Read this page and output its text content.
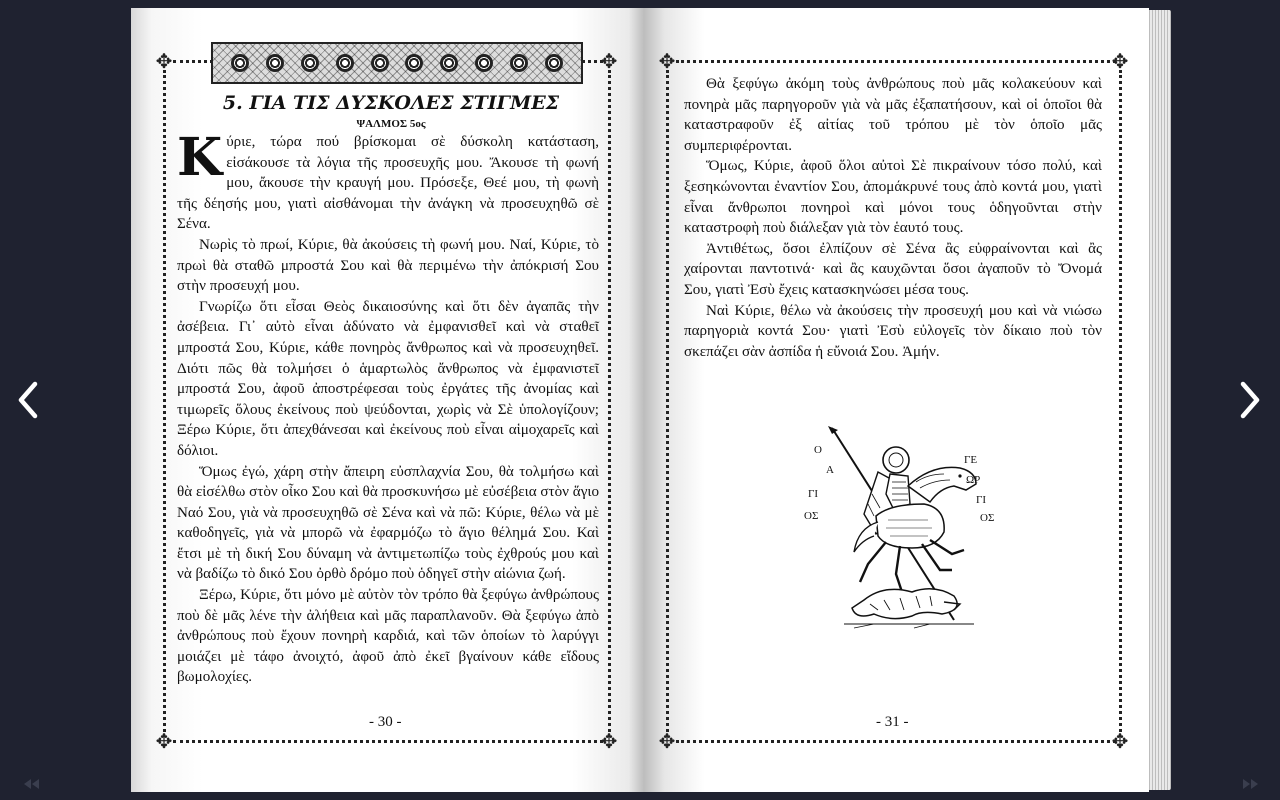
✥	✥
✥	✥
5. ΓΙΑ ΤΙΣ ΔΥΣΚΟΛΕΣ ΣΤΙΓΜΕΣ
ΨΑΛΜΟΣ 5ος

Κύριε, τώρα πού βρίσκομαι σὲ δύσκολη κατάσταση, εἰσάκουσε τὰ λόγια τῆς προσευχῆς μου. Ἄκουσε τὴ φωνή μου, ἄκουσε τὴν κραυγή μου. Πρόσεξε, Θεέ μου, τὴ φωνὴ τῆς δέησής μου, γιατὶ αἰσθάνομαι τὴν ἀνάγκη νὰ προσευχηθῶ σὲ Σένα.

Νωρὶς τὸ πρωί, Κύριε, θὰ ἀκούσεις τὴ φωνή μου. Ναί, Κύριε, τὸ πρωὶ θὰ σταθῶ μπροστά Σου καὶ θὰ περιμένω τὴν ἀπόκρισή Σου στὴν προσευχή μου.

Γνωρίζω ὅτι εἶσαι Θεὸς δικαιοσύνης καὶ ὅτι δὲν ἀγαπᾶς τὴν ἀσέβεια. Γι᾽ αὐτὸ εἶναι ἀδύνατο νὰ ἐμφανισθεῖ καὶ νὰ σταθεῖ μπροστά Σου, Κύριε, κάθε πονηρὸς ἄνθρωπος καὶ νὰ προσευχηθεῖ. Διότι πῶς θὰ τολμήσει ὁ ἁμαρτωλὸς ἄνθρωπος νὰ ἐμφανιστεῖ μπροστά Σου, ἀφοῦ ἀποστρέφεσαι τοὺς ἐργάτες τῆς ἀνομίας καὶ τιμωρεῖς ὅλους ἐκείνους ποὺ ψεύδονται, χωρὶς νὰ Σὲ ὑπολογίζουν; Ξέρω Κύριε, ὅτι ἀπεχθάνεσαι καὶ ἐκείνους ποὺ εἶναι αἱμοχαρεῖς καὶ δόλιοι.

Ὅμως ἐγώ, χάρη στὴν ἄπειρη εὐσπλαχνία Σου, θὰ τολμήσω καὶ θὰ εἰσέλθω στὸν οἶκο Σου καὶ θὰ προσκυνήσω μὲ εὐσέβεια στὸν ἅγιο Ναό Σου, γιὰ νὰ προσευχηθῶ σὲ Σένα καὶ νὰ πῶ: Κύριε, θέλω νὰ μὲ καθοδηγεῖς, γιὰ νὰ μπορῶ νὰ ἐφαρμόζω τὸ ἅγιο θέλημά Σου. Καὶ ἔτσι μὲ τὴ δική Σου δύναμη νὰ ἀντιμετωπίζω τοὺς ἐχθρούς μου καὶ νὰ βαδίζω τὸ δικό Σου ὀρθὸ δρόμο ποὺ ὁδηγεῖ στὴν αἰώνια ζωή.

Ξέρω, Κύριε, ὅτι μόνο μὲ αὐτὸν τὸν τρόπο θὰ ξεφύγω ἀνθρώπους ποὺ δὲ μᾶς λένε τὴν ἀλήθεια καὶ μᾶς παραπλανοῦν. Θὰ ξεφύγω ἀπὸ ἀνθρώπους ποὺ ἔχουν πονηρὴ καρδιά, καὶ τῶν ὁποίων τὸ λαρύγγι μοιάζει μὲ τάφο ἀνοιχτό, ἀφοῦ ἀπὸ ἐκεῖ βγαίνουν κάθε εἴδους βωμολοχίες.

- 30 -
✥	✥
✥	✥

Θὰ ξεφύγω ἀκόμη τοὺς ἀνθρώπους ποὺ μᾶς κολακεύουν καὶ πονηρὰ μᾶς παρηγοροῦν γιὰ νὰ μᾶς ἐξαπατήσουν, καὶ οἱ ὁποῖοι θὰ καταστραφοῦν ἐξ αἰτίας τοῦ τρόπου μὲ τὸν ὁποῖο μᾶς συμπεριφέρονται.

Ὅμως, Κύριε, ἀφοῦ ὅλοι αὐτοὶ Σὲ πικραίνουν τόσο πολύ, καὶ ξεσηκώνονται ἐναντίον Σου, ἀπομάκρυνέ τους ἀπὸ κοντά μου, γιατὶ εἶναι ἄνθρωποι πονηροὶ καὶ μόνοι τους ὁδηγοῦνται στὴν καταστροφὴ ποὺ διάλεξαν γιὰ τὸν ἑαυτό τους.

Ἀντιθέτως, ὅσοι ἐλπίζουν σὲ Σένα ἂς εὐφραίνονται καὶ ἂς χαίρονται παντοτινά· καὶ ἂς καυχῶνται ὅσοι ἀγαποῦν τὸ Ὄνομά Σου, γιατὶ Ἐσὺ ἔχεις κατασκηνώσει μέσα τους.

Ναὶ Κύριε, θέλω νὰ ἀκούσεις τὴν προσευχή μου καὶ νὰ νιώσω παρηγοριὰ κοντά Σου· γιατὶ Ἐσὺ εὐλογεῖς τὸν δίκαιο ποὺ τὸν σκεπάζει σὰν ἀσπίδα ἡ εὔνοιά Σου. Ἀμήν.

Ο
Α
ΓΙ
ΟΣ
ΓΕ
ΩΡ
ΓΙ
ΟΣ
- 31 -
